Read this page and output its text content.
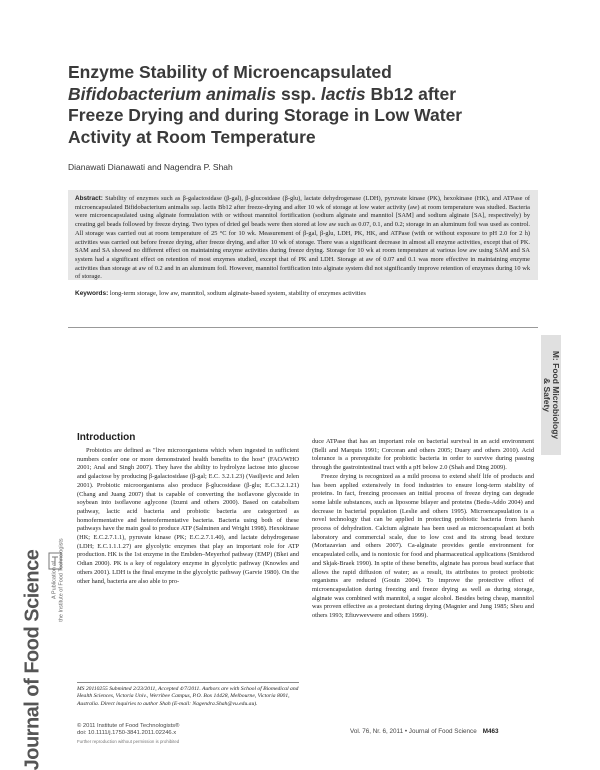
Enzyme Stability of Microencapsulated
Bifidobacterium animalis ssp. lactis Bb12 after
Freeze Drying and during Storage in Low Water
Activity at Room Temperature
Dianawati Dianawati and Nagendra P. Shah
Abstract: Stability of enzymes such as β-galactosidase (β-gal), β-glucosidase (β-glu), lactate dehydrogenase (LDH), pyruvate kinase (PK), hexokinase (HK), and ATPase of microencapsulated Bifidobacterium animalis ssp. lactis Bb12 after freeze-drying and after 10 wk of storage at low water activity (aw) at room temperature was studied. Bacteria were microencapsulated using alginate formulation with or without mannitol fortification (sodium alginate and mannitol [SAM] and sodium alginate [SA], respectively) by creating gel beads followed by freeze drying. Two types of dried gel beads were then stored at low aw such as 0.07, 0.1, and 0.2; storage in an aluminum foil was used as control. All storage was carried out at room temperature of 25 °C for 10 wk. Measurement of β-gal, β-glu, LDH, PK, HK, and ATPase (with or without exposure to pH 2.0 for 2 h) activities was carried out before freeze drying, after freeze drying, and after 10 wk of storage. There was a significant decrease in almost all enzyme activities, except that of PK. SAM and SA showed no different effect on maintaining enzyme activities during freeze drying. Storage for 10 wk at room temperature at various low aw using SAM and SA system had a significant effect on retention of most enzymes studied, except that of PK and LDH. Storage at aw of 0.07 and 0.1 was more effective in maintaining enzyme activities than storage at aw of 0.2 and in an aluminum foil. However, mannitol fortification into alginate system did not significantly improve retention of enzymes during 10 wk of storage.
Keywords: long-term storage, low aw, mannitol, sodium alginate-based system, stability of enzymes activities
M: Food Microbiology
& Safety
Journal of Food Science A Publication of the Institute of Food Technologists
Introduction

Probiotics are defined as "live microorganisms which when ingested in sufficient numbers confer one or more demonstrated health benefits to the host" (FAO/WHO 2001; Anal and Singh 2007). They have the ability to hydrolyze lactose into glucose and galactose by producing β-galactosidase (β-gal; E.C. 3.2.1.23) (Vasiljevic and Jelen 2001). Probiotic microorganisms also produce β-glucosidase (β-glu; E.C.3.2.1.21) (Chang and Juang 2007) that is capable of converting the isoflavone glycoside in soybean into isoflavone aglycone (Izumi and others 2000). Based on catabolism pathway, lactic acid bacteria and probiotic bacteria are categorized as homofermentative and heterofermentative bacteria. Bacteria using both of these pathways have the main goal to produce ATP (Salminen and Wright 1998). Hexokinase (HK; E.C.2.7.1.1), pyruvate kinase (PK; E.C.2.7.1.40), and lactate dehydrogenase (LDH; E.C.1.1.1.27) are glycolytic enzymes that play an important role for ATP production. HK is the 1st enzyme in the Embden–Meyerhof pathway (EMP) (Bkei and Odian 2000). PK is a key of regulatory enzyme in glycolytic pathway (Knowles and others 2001). LDH is the final enzyme in the glycolytic pathway (Garvie 1980). On the other hand, bacteria are also able to pro-

duce ATPase that has an important role on bacterial survival in an acid environment (Belli and Marquis 1991; Corcoran and others 2005; Duary and others 2010). Acid tolerance is a prerequisite for probiotic bacteria in order to survive during passing through the gastrointestinal tract with a pH below 2.0 (Shah and Ding 2009).

Freeze drying is recognized as a mild process to extend shelf life of products and has been applied extensively in food industries to ensure long-term stability of proteins. In fact, freezing processes an initial process of freeze drying can degrade some labile substances, such as liposome bilayer and proteins (Bedu-Addo 2004) and decrease in bacterial population (Leslie and others 1995). Microencapsulation is a novel technology that can be applied in protecting probiotic bacteria from harsh process of dehydration. Calcium alginate has been used as microencapsulant at both laboratory and commercial scale, due to low cost and its strong bead texture (Mortazavian and others 2007). Ca-alginate provides gentle environment for encapsulated cells, and is nontoxic for food and pharmaceutical applications (Smidsrod and Skjak-Braek 1990). In spite of these benefits, alginate has porous bead surface that allows the rapid diffusion of water; as a result, its attributes to protect probiotic organisms are reduced (Gouin 2004). To improve the protective effect of microencapsulation during freezing and freeze drying as well as during storage, alginate was combined with mannitol, a sugar alcohol. Besides being cheap, mannitol was proven effective as a protectant during drying (Magnier and Jung 1985; Sheu and others 1993; Efiuvwevwere and others 1999).

MS 20110255 Submitted 2/23/2011, Accepted 4/7/2011. Authors are with School of Biomedical and Health Sciences, Victoria Univ., Werribee Campus, P.O. Box 14428, Melbourne, Victoria 8001, Australia. Direct inquiries to author Shah (E-mail: Nagendra.Shah@vu.edu.au).
© 2011 Institute of Food Technologists®
doi: 10.1111/j.1750-3841.2011.02246.x
Further reproduction without permission is prohibited
Vol. 76, Nr. 6, 2011 • Journal of Food Science M463
